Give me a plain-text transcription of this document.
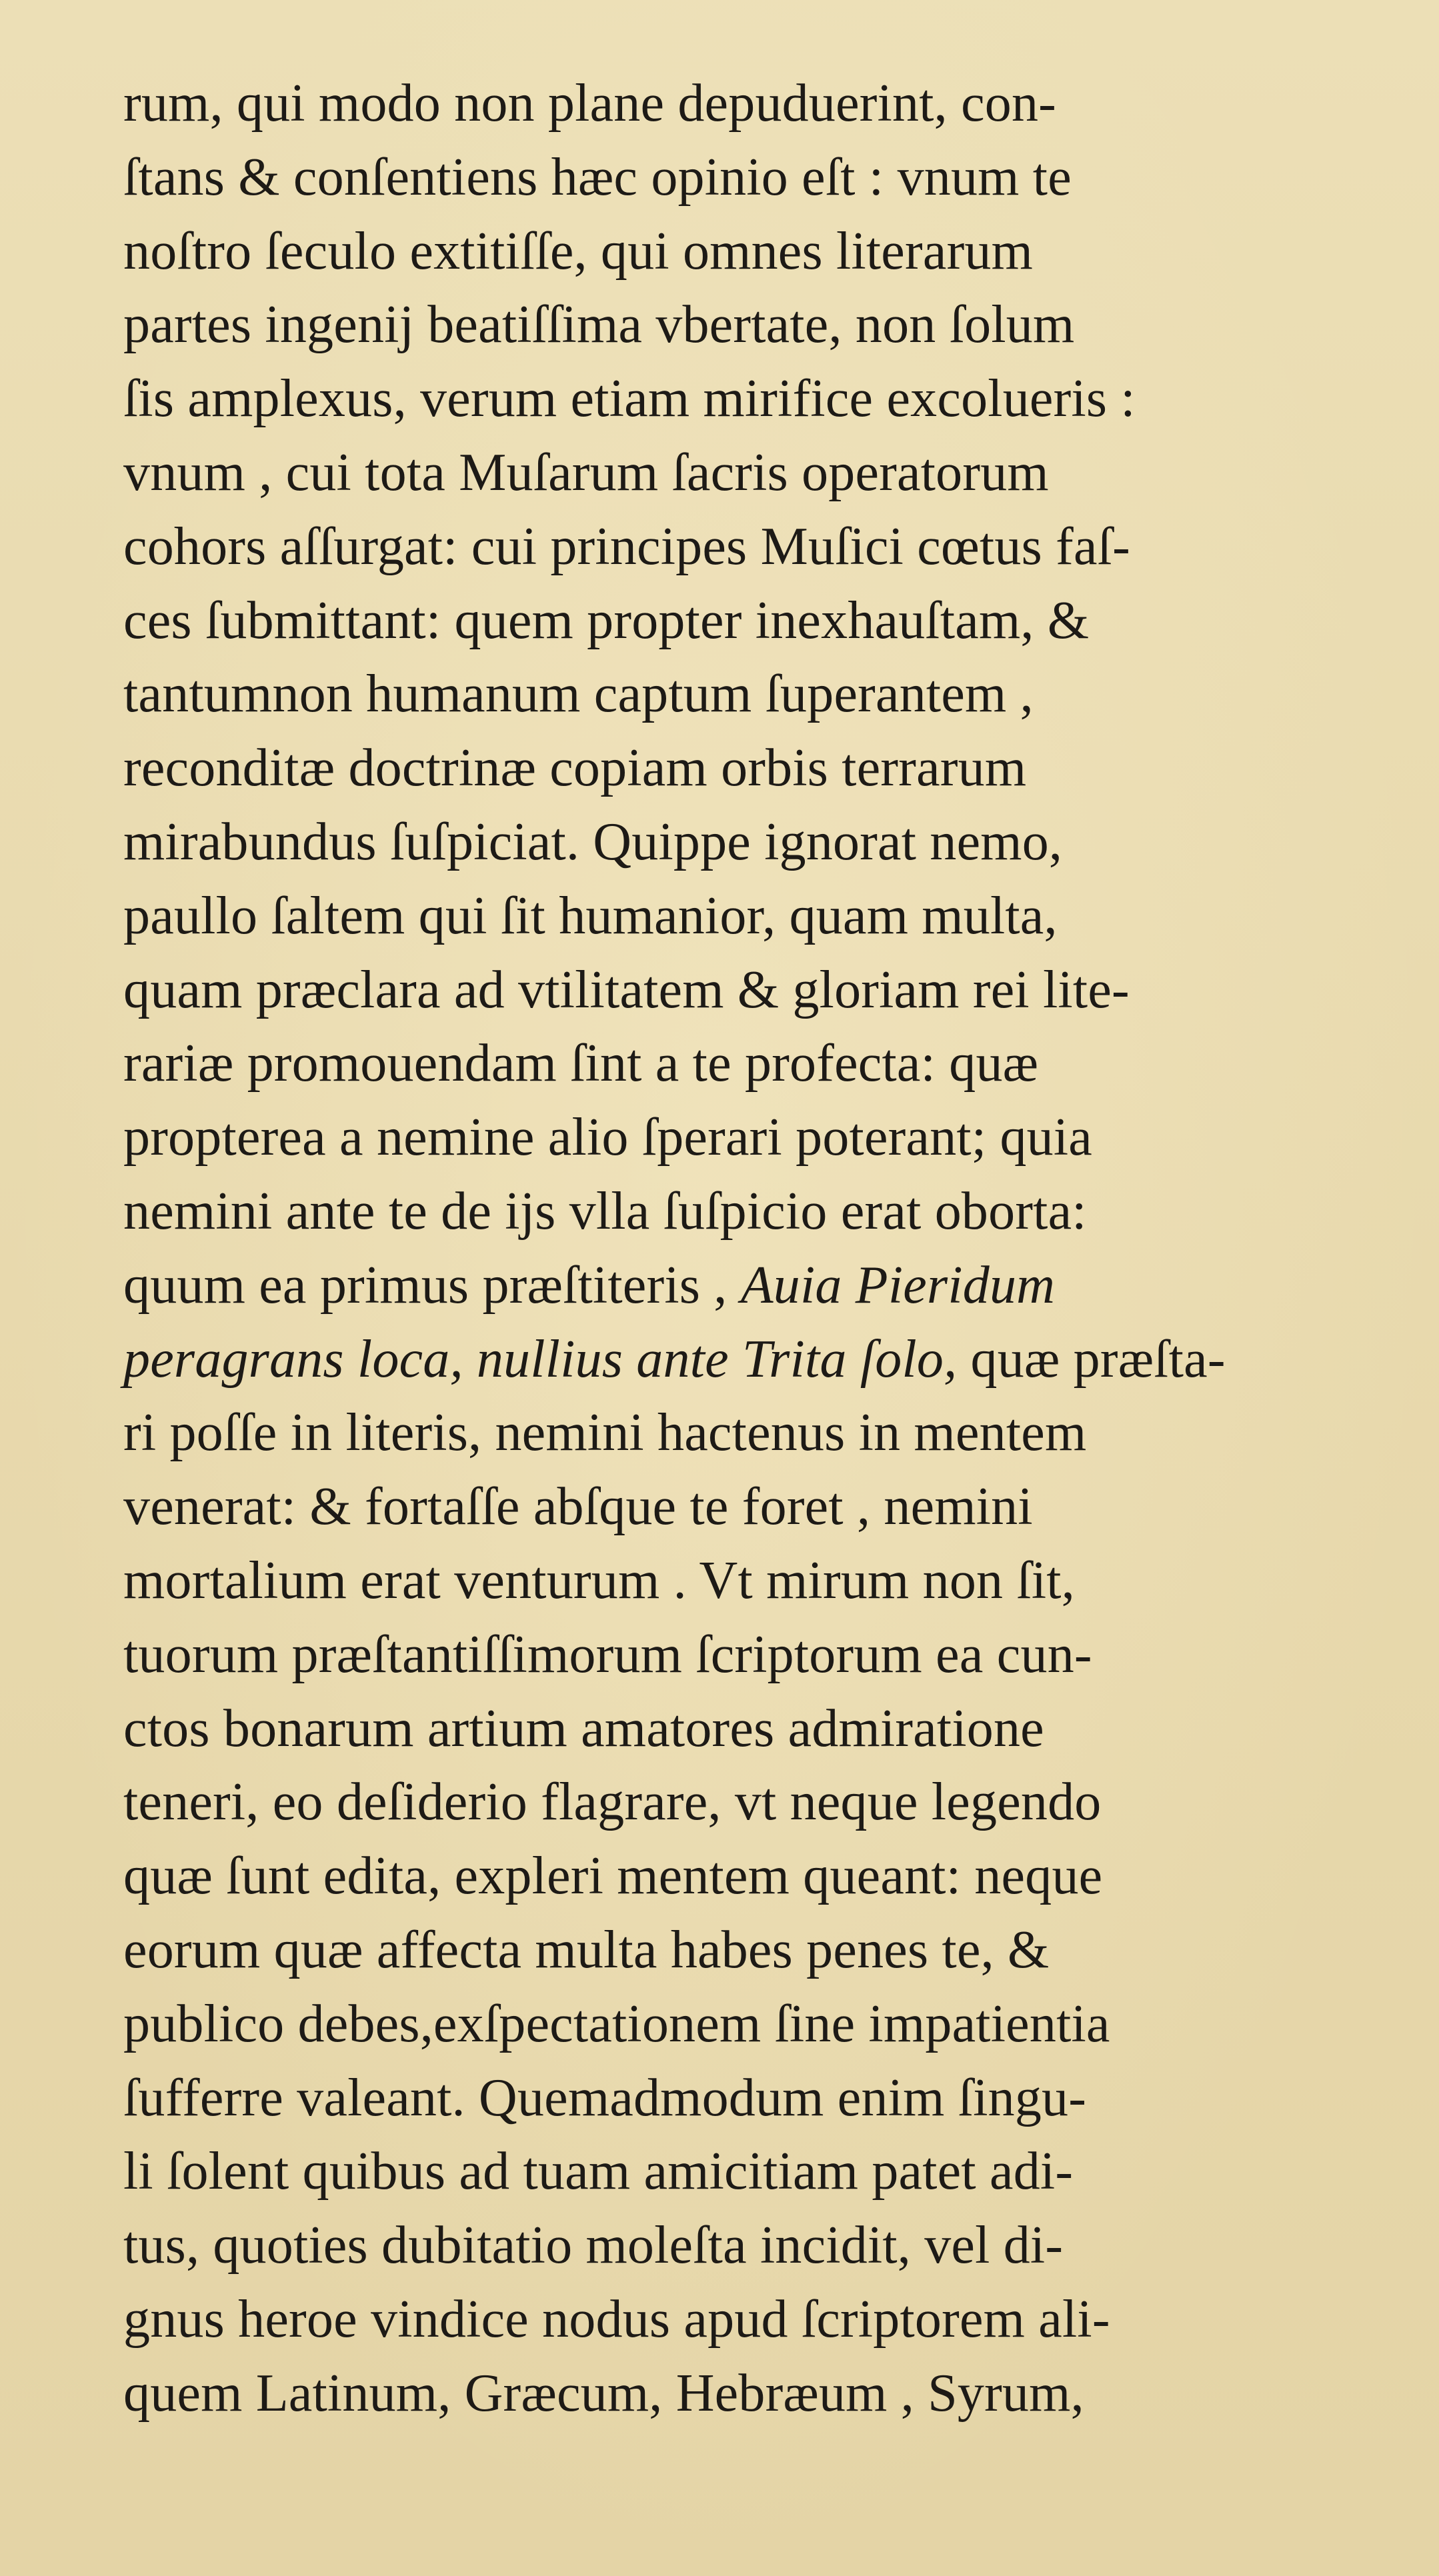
rum, qui modo non plane depuduerint, con-
ſtans & conſentiens hæc opinio eſt : vnum te
noſtro ſeculo extitiſſe, qui omnes literarum
partes ingenij beatiſſima vbertate, non ſolum
ſis amplexus, verum etiam mirifice excolueris :
vnum , cui tota Muſarum ſacris operatorum
cohors aſſurgat: cui principes Muſici cœtus faſ-
ces ſubmittant: quem propter inexhauſtam, &
tantumnon humanum captum ſuperantem ,
reconditæ doctrinæ copiam orbis terrarum
mirabundus ſuſpiciat. Quippe ignorat nemo,
paullo ſaltem qui ſit humanior, quam multa,
quam præclara ad vtilitatem & gloriam rei lite-
rariæ promouendam ſint a te profecta: quæ
propterea a nemine alio ſperari poterant; quia
nemini ante te de ijs vlla ſuſpicio erat oborta:
quum ea primus præſtiteris , Auia Pieridum
peragrans loca, nullius ante Trita ſolo, quæ præſta-
ri poſſe in literis, nemini hactenus in mentem
venerat: & fortaſſe abſque te foret , nemini
mortalium erat venturum . Vt mirum non ſit,
tuorum præſtantiſſimorum ſcriptorum ea cun-
ctos bonarum artium amatores admiratione
teneri, eo deſiderio flagrare, vt neque legendo
quæ ſunt edita, expleri mentem queant: neque
eorum quæ affecta multa habes penes te, &
publico debes,exſpectationem ſine impatientia
ſufferre valeant. Quemadmodum enim ſingu-
li ſolent quibus ad tuam amicitiam patet adi-
tus, quoties dubitatio moleſta incidit, vel di-
gnus heroe vindice nodus apud ſcriptorem ali-
quem Latinum, Græcum, Hebræum , Syrum,
